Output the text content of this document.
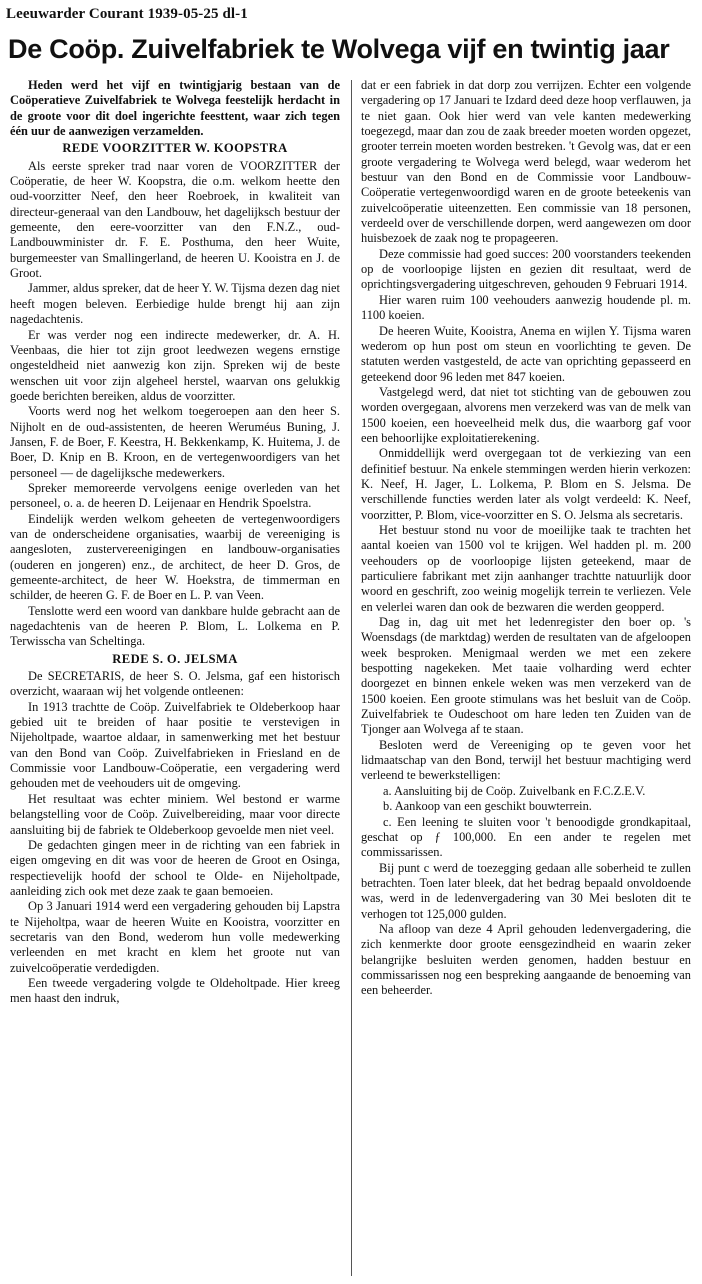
Leeuwarder Courant 1939-05-25 dl-1
De Coöp. Zuivelfabriek te Wolvega vijf en twintig jaar

Heden werd het vijf en twintigjarig bestaan van de Coöperatieve Zuivelfabriek te Wolvega feestelijk herdacht in de groote voor dit doel ingerichte feesttent, waar zich tegen één uur de aanwezigen verzamelden.

REDE VOORZITTER W. KOOPSTRA

Als eerste spreker trad naar voren de VOORZITTER der Coöperatie, de heer W. Koopstra, die o.m. welkom heette den oud-voorzitter Neef, den heer Roebroek, in kwaliteit van directeur-generaal van den Landbouw, het dagelijksch bestuur der gemeente, den eere-voorzitter van den F.N.Z., oud-Landbouwminister dr. F. E. Posthuma, den heer Wuite, burgemeester van Smallingerland, de heeren U. Kooistra en J. de Groot.

Jammer, aldus spreker, dat de heer Y. W. Tijsma dezen dag niet heeft mogen beleven. Eerbiedige hulde brengt hij aan zijn nagedachtenis.

Er was verder nog een indirecte medewerker, dr. A. H. Veenbaas, die hier tot zijn groot leedwezen wegens ernstige ongesteldheid niet aanwezig kon zijn. Spreken wij de beste wenschen uit voor zijn algeheel herstel, waarvan ons gelukkig goede berichten bereiken, aldus de voorzitter.

Voorts werd nog het welkom toegeroepen aan den heer S. Nijholt en de oud-assistenten, de heeren Weruméus Buning, J. Jansen, F. de Boer, F. Keestra, H. Bekkenkamp, K. Huitema, J. de Boer, D. Knip en B. Kroon, en de vertegenwoordigers van het personeel — de dagelijksche medewerkers.

Spreker memoreerde vervolgens eenige overleden van het personeel, o. a. de heeren D. Leijenaar en Hendrik Spoelstra.

Eindelijk werden welkom geheeten de vertegenwoordigers van de onderscheidene organisaties, waarbij de vereeniging is aangesloten, zustervereenigingen en landbouw-organisaties (ouderen en jongeren) enz., de architect, de heer D. Gros, de gemeente-architect, de heer W. Hoekstra, de timmerman en schilder, de heeren G. F. de Boer en L. P. van Veen.

Tenslotte werd een woord van dankbare hulde gebracht aan de nagedachtenis van de heeren P. Blom, L. Lolkema en P. Terwisscha van Scheltinga.

REDE S. O. JELSMA

De SECRETARIS, de heer S. O. Jelsma, gaf een historisch overzicht, waaraan wij het volgende ontleenen:

In 1913 trachtte de Coöp. Zuivelfabriek te Oldeberkoop haar gebied uit te breiden of haar positie te verstevigen in Nijeholtpade, waartoe aldaar, in samenwerking met het bestuur van den Bond van Coöp. Zuivelfabrieken in Friesland en de Commissie voor Landbouw-Coöperatie, een vergadering werd gehouden met de veehouders uit de omgeving.

Het resultaat was echter miniem. Wel bestond er warme belangstelling voor de Coöp. Zuivelbereiding, maar voor directe aansluiting bij de fabriek te Oldeberkoop gevoelde men niet veel.

De gedachten gingen meer in de richting van een fabriek in eigen omgeving en dit was voor de heeren de Groot en Osinga, respectievelijk hoofd der school te Olde- en Nijeholtpade, aanleiding zich ook met deze zaak te gaan bemoeien.

Op 3 Januari 1914 werd een vergadering gehouden bij Lapstra te Nijeholtpa, waar de heeren Wuite en Kooistra, voorzitter en secretaris van den Bond, wederom hun volle medewerking verleenden en met kracht en klem het groote nut van zuivelcoöperatie verdedigden.

Een tweede vergadering volgde te Oldeholtpade. Hier kreeg men haast den indruk,

dat er een fabriek in dat dorp zou verrijzen. Echter een volgende vergadering op 17 Januari te Izdard deed deze hoop verflauwen, ja te niet gaan. Ook hier werd van vele kanten medewerking toegezegd, maar dan zou de zaak breeder moeten worden opgezet, grooter terrein moeten worden bestreken. 't Gevolg was, dat er een groote vergadering te Wolvega werd belegd, waar wederom het bestuur van den Bond en de Commissie voor Landbouw-Coöperatie vertegenwoordigd waren en de groote beteekenis van zuivelcoöperatie uiteenzetten. Een commissie van 18 personen, verdeeld over de verschillende dorpen, werd aangewezen om door huisbezoek de zaak nog te propageeren.

Deze commissie had goed succes: 200 voorstanders teekenden op de voorloopige lijsten en gezien dit resultaat, werd de oprichtingsvergadering uitgeschreven, gehouden 9 Februari 1914.

Hier waren ruim 100 veehouders aanwezig houdende pl. m. 1100 koeien.

De heeren Wuite, Kooistra, Anema en wijlen Y. Tijsma waren wederom op hun post om steun en voorlichting te geven. De statuten werden vastgesteld, de acte van oprichting gepasseerd en geteekend door 96 leden met 847 koeien.

Vastgelegd werd, dat niet tot stichting van de gebouwen zou worden overgegaan, alvorens men verzekerd was van de melk van 1500 koeien, een hoeveelheid melk dus, die waarborg gaf voor een behoorlijke exploitatierekening.

Onmiddellijk werd overgegaan tot de verkiezing van een definitief bestuur. Na enkele stemmingen werden hierin verkozen: K. Neef, H. Jager, L. Lolkema, P. Blom en S. Jelsma. De verschillende functies werden later als volgt verdeeld: K. Neef, voorzitter, P. Blom, vice-voorzitter en S. O. Jelsma als secretaris.

Het bestuur stond nu voor de moeilijke taak te trachten het aantal koeien van 1500 vol te krijgen. Wel hadden pl. m. 200 veehouders op de voorloopige lijsten geteekend, maar de particuliere fabrikant met zijn aanhanger trachtte natuurlijk door woord en geschrift, zoo weinig mogelijk terrein te verliezen. Vele en velerlei waren dan ook de bezwaren die werden geopperd.

Dag in, dag uit met het ledenregister den boer op. 's Woensdags (de marktdag) werden de resultaten van de afgeloopen week besproken. Menigmaal werden we met een zekere bespotting nagekeken. Met taaie volharding werd echter doorgezet en binnen enkele weken was men verzekerd van de 1500 koeien. Een groote stimulans was het besluit van de Coöp. Zuivelfabriek te Oudeschoot om hare leden ten Zuiden van de Tjonger aan Wolvega af te staan.

Besloten werd de Vereeniging op te geven voor het lidmaatschap van den Bond, terwijl het bestuur machtiging werd verleend te bewerkstelligen:

a. Aansluiting bij de Coöp. Zuivelbank en F.C.Z.E.V.

b. Aankoop van een geschikt bouwterrein.

c. Een leening te sluiten voor 't benoodigde grondkapitaal, geschat op ƒ 100,000. En een ander te regelen met commissarissen.

Bij punt c werd de toezegging gedaan alle soberheid te zullen betrachten. Toen later bleek, dat het bedrag bepaald onvoldoende was, werd in de ledenvergadering van 30 Mei besloten dit te verhogen tot 125,000 gulden.

Na afloop van deze 4 April gehouden ledenvergadering, die zich kenmerkte door groote eensgezindheid en waarin zeker belangrijke besluiten werden genomen, hadden bestuur en commissarissen nog een bespreking aangaande de benoeming van een beheerder.
